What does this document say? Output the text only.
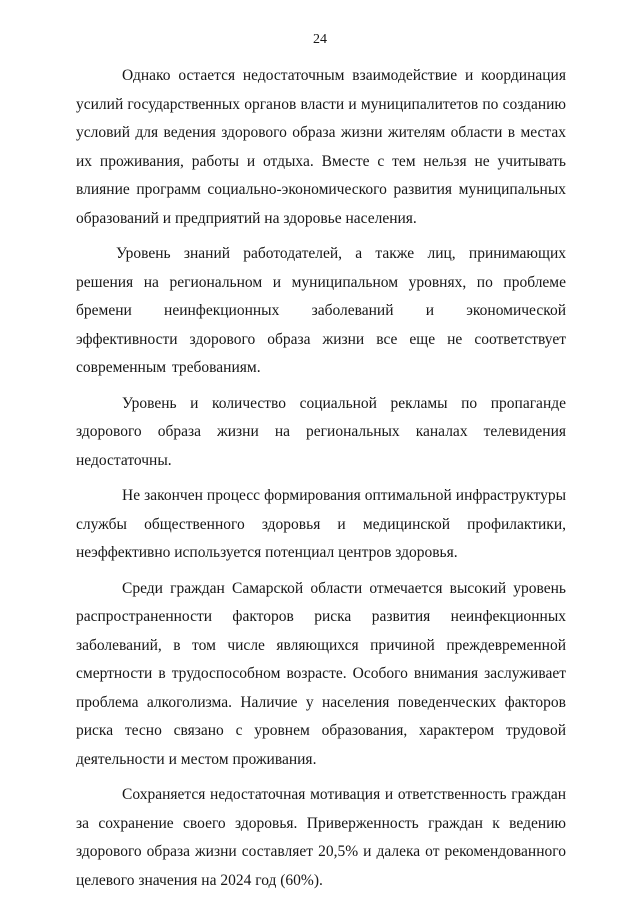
24

Однако остается недостаточным взаимодействие и координация усилий государственных органов власти и муниципалитетов по созданию условий для ведения здорового образа жизни жителям области в местах их проживания, работы и отдыха. Вместе с тем нельзя не учитывать влияние программ социально-экономического развития муниципальных образований и предприятий на здоровье населения.

Уровень знаний работодателей, а также лиц, принимающих решения на региональном и муниципальном уровнях, по проблеме бремени неинфекционных заболеваний и экономической эффективности здорового образа жизни все еще не соответствует современным требованиям.

Уровень и количество социальной рекламы по пропаганде здорового образа жизни на региональных каналах телевидения недостаточны.

Не закончен процесс формирования оптимальной инфраструктуры службы общественного здоровья и медицинской профилактики, неэффективно используется потенциал центров здоровья.

Среди граждан Самарской области отмечается высокий уровень распространенности факторов риска развития неинфекционных заболеваний, в том числе являющихся причиной преждевременной смертности в трудоспособном возрасте. Особого внимания заслуживает проблема алкоголизма. Наличие у населения поведенческих факторов риска тесно связано с уровнем образования, характером трудовой деятельности и местом проживания.

Сохраняется недостаточная мотивация и ответственность граждан за сохранение своего здоровья. Приверженность граждан к ведению здорового образа жизни составляет 20,5% и далека от рекомендованного целевого значения на 2024 год (60%).
